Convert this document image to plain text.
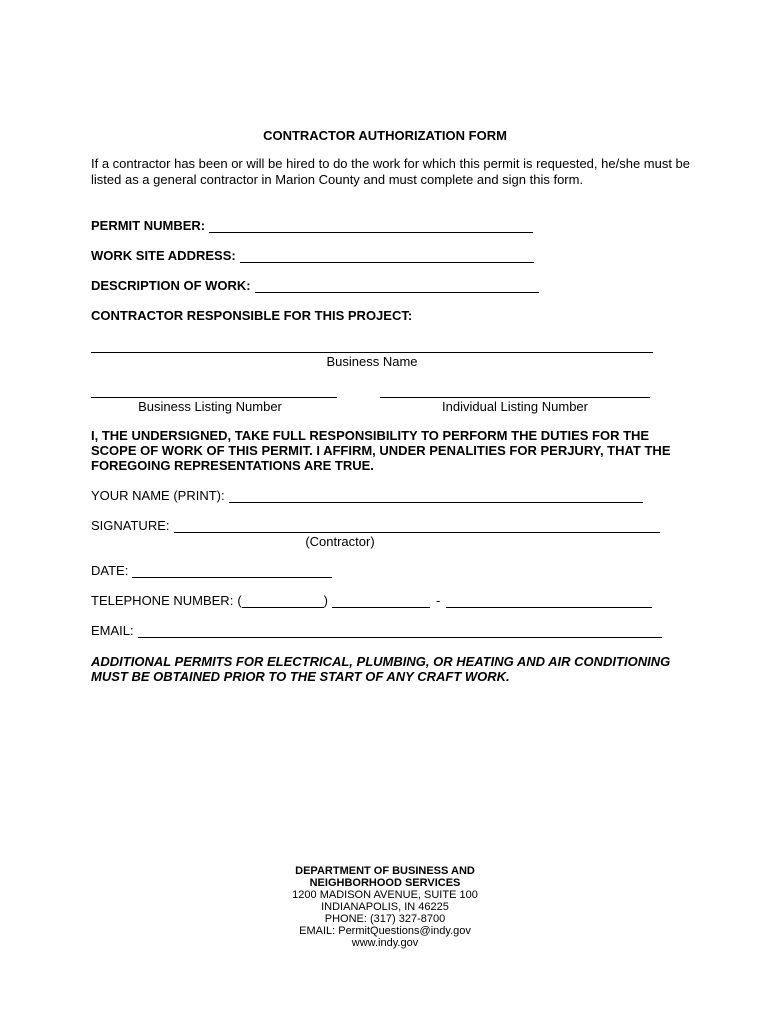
CONTRACTOR AUTHORIZATION FORM
If a contractor has been or will be hired to do the work for which this permit is requested, he/she must be listed as a general contractor in Marion County and must complete and sign this form.
PERMIT NUMBER:
WORK SITE ADDRESS:
DESCRIPTION OF WORK:
CONTRACTOR RESPONSIBLE FOR THIS PROJECT:
Business Name
Business Listing Number	Individual Listing Number
I, THE UNDERSIGNED, TAKE FULL RESPONSIBILITY TO PERFORM THE DUTIES FOR THE SCOPE OF WORK OF THIS PERMIT. I AFFIRM, UNDER PENALITIES FOR PERJURY, THAT THE FOREGOING REPRESENTATIONS ARE TRUE.
YOUR NAME (PRINT):
SIGNATURE:
(Contractor)
DATE:
TELEPHONE NUMBER: (	)	-
EMAIL:
ADDITIONAL PERMITS FOR ELECTRICAL, PLUMBING, OR HEATING AND AIR CONDITIONING MUST BE OBTAINED PRIOR TO THE START OF ANY CRAFT WORK.
DEPARTMENT OF BUSINESS AND
NEIGHBORHOOD SERVICES
1200 MADISON AVENUE, SUITE 100
INDIANAPOLIS, IN 46225
PHONE: (317) 327-8700
EMAIL: PermitQuestions@indy.gov
www.indy.gov
